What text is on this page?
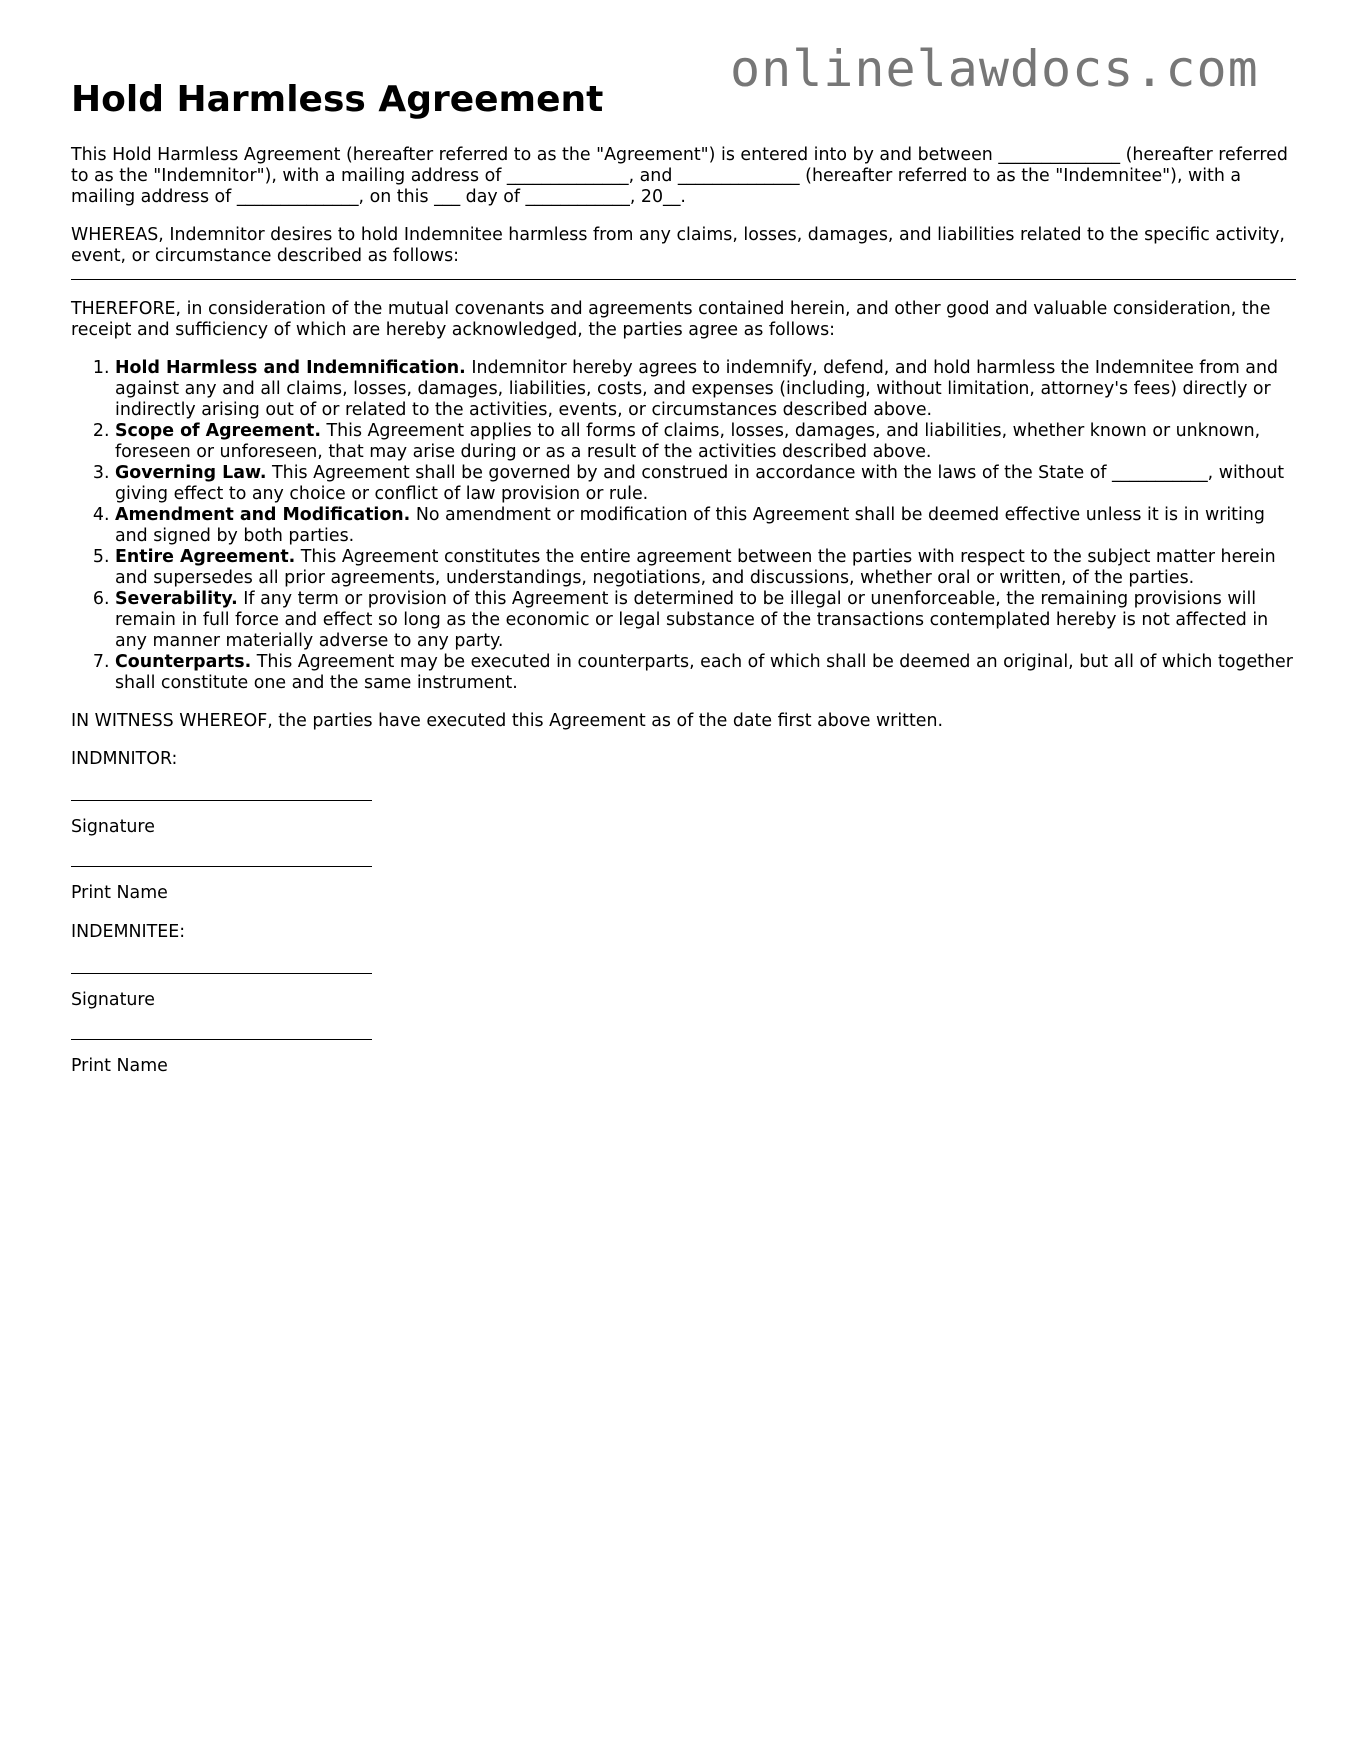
onlinelawdocs.com
Hold Harmless Agreement

This Hold Harmless Agreement (hereafter referred to as the "Agreement") is entered into by and between ______________ (hereafter referred to as the "Indemnitor"), with a mailing address of ______________, and ______________ (hereafter referred to as the "Indemnitee"), with a mailing address of ______________, on this ___ day of ____________, 20__.

WHEREAS, Indemnitor desires to hold Indemnitee harmless from any claims, losses, damages, and liabilities related to the specific activity, event, or circumstance described as follows:

THEREFORE, in consideration of the mutual covenants and agreements contained herein, and other good and valuable consideration, the receipt and sufficiency of which are hereby acknowledged, the parties agree as follows:

1. Hold Harmless and Indemnification. Indemnitor hereby agrees to indemnify, defend, and hold harmless the Indemnitee from and against any and all claims, losses, damages, liabilities, costs, and expenses (including, without limitation, attorney's fees) directly or indirectly arising out of or related to the activities, events, or circumstances described above.
2. Scope of Agreement. This Agreement applies to all forms of claims, losses, damages, and liabilities, whether known or unknown, foreseen or unforeseen, that may arise during or as a result of the activities described above.
3. Governing Law. This Agreement shall be governed by and construed in accordance with the laws of the State of ___________, without giving effect to any choice or conflict of law provision or rule.
4. Amendment and Modification. No amendment or modification of this Agreement shall be deemed effective unless it is in writing and signed by both parties.
5. Entire Agreement. This Agreement constitutes the entire agreement between the parties with respect to the subject matter herein and supersedes all prior agreements, understandings, negotiations, and discussions, whether oral or written, of the parties.
6. Severability. If any term or provision of this Agreement is determined to be illegal or unenforceable, the remaining provisions will remain in full force and effect so long as the economic or legal substance of the transactions contemplated hereby is not affected in any manner materially adverse to any party.
7. Counterparts. This Agreement may be executed in counterparts, each of which shall be deemed an original, but all of which together shall constitute one and the same instrument.

IN WITNESS WHEREOF, the parties have executed this Agreement as of the date first above written.

INDMNITOR:
Signature
Print Name
INDEMNITEE:
Signature
Print Name
